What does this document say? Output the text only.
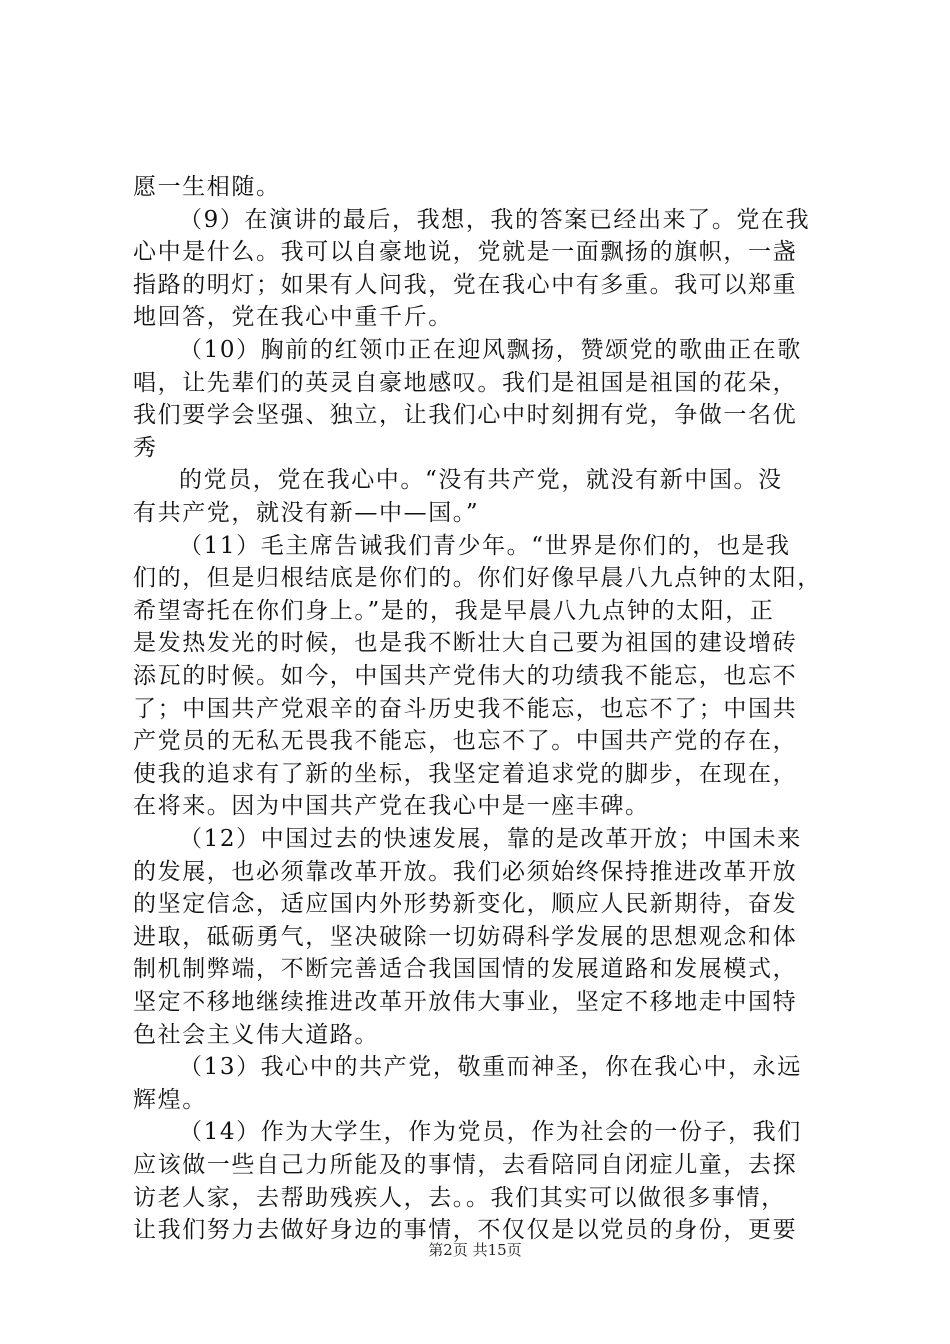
愿一生相随。
（9）在演讲的最后，我想，我的答案已经出来了。党在我
心中是什么。我可以自豪地说，党就是一面飘扬的旗帜，一盏
指路的明灯；如果有人问我，党在我心中有多重。我可以郑重
地回答，党在我心中重千斤。
（10）胸前的红领巾正在迎风飘扬，赞颂党的歌曲正在歌
唱，让先辈们的英灵自豪地感叹。我们是祖国是祖国的花朵，
我们要学会坚强、独立，让我们心中时刻拥有党，争做一名优
秀
的党员，党在我心中。“没有共产党，就没有新中国。没
有共产党，就没有新—中—国。”
（11）毛主席告诫我们青少年。“世界是你们的，也是我
们的，但是归根结底是你们的。你们好像早晨八九点钟的太阳，
希望寄托在你们身上。”是的，我是早晨八九点钟的太阳，正
是发热发光的时候，也是我不断壮大自己要为祖国的建设增砖
添瓦的时候。如今，中国共产党伟大的功绩我不能忘，也忘不
了；中国共产党艰辛的奋斗历史我不能忘，也忘不了；中国共
产党员的无私无畏我不能忘，也忘不了。中国共产党的存在，
使我的追求有了新的坐标，我坚定着追求党的脚步，在现在，
在将来。因为中国共产党在我心中是一座丰碑。
（12）中国过去的快速发展，靠的是改革开放；中国未来
的发展，也必须靠改革开放。我们必须始终保持推进改革开放
的坚定信念，适应国内外形势新变化，顺应人民新期待，奋发
进取，砥砺勇气，坚决破除一切妨碍科学发展的思想观念和体
制机制弊端，不断完善适合我国国情的发展道路和发展模式，
坚定不移地继续推进改革开放伟大事业，坚定不移地走中国特
色社会主义伟大道路。
（13）我心中的共产党，敬重而神圣，你在我心中，永远
辉煌。
（14）作为大学生，作为党员，作为社会的一份子，我们
应该做一些自己力所能及的事情，去看陪同自闭症儿童，去探
访老人家，去帮助残疾人，去。。我们其实可以做很多事情，
让我们努力去做好身边的事情，不仅仅是以党员的身份，更要
第2页 共15页
